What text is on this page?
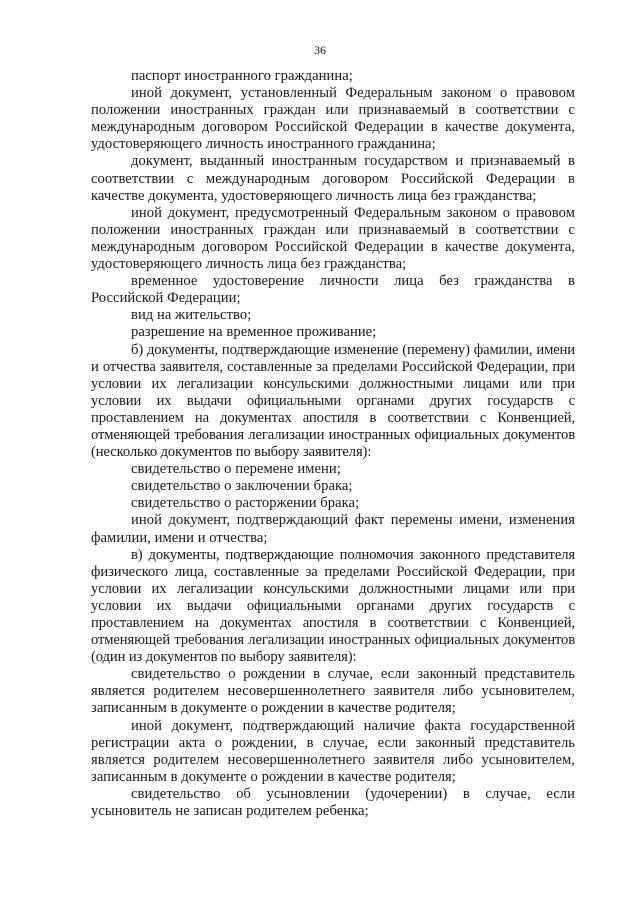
36

паспорт иностранного гражданина;

иной документ, установленный Федеральным законом о правовом положении иностранных граждан или признаваемый в соответствии с международным договором Российской Федерации в качестве документа, удостоверяющего личность иностранного гражданина;

документ, выданный иностранным государством и признаваемый в соответствии с международным договором Российской Федерации в качестве документа, удостоверяющего личность лица без гражданства;

иной документ, предусмотренный Федеральным законом о правовом положении иностранных граждан или признаваемый в соответствии с международным договором Российской Федерации в качестве документа, удостоверяющего личность лица без гражданства;

временное удостоверение личности лица без гражданства в Российской Федерации;

вид на жительство;

разрешение на временное проживание;

б) документы, подтверждающие изменение (перемену) фамилии, имени и отчества заявителя, составленные за пределами Российской Федерации, при условии их легализации консульскими должностными лицами или при условии их выдачи официальными органами других государств с проставлением на документах апостиля в соответствии с Конвенцией, отменяющей требования легализации иностранных официальных документов (несколько документов по выбору заявителя):

свидетельство о перемене имени;

свидетельство о заключении брака;

свидетельство о расторжении брака;

иной документ, подтверждающий факт перемены имени, изменения фамилии, имени и отчества;

в) документы, подтверждающие полномочия законного представителя физического лица, составленные за пределами Российской Федерации, при условии их легализации консульскими должностными лицами или при условии их выдачи официальными органами других государств с проставлением на документах апостиля в соответствии с Конвенцией, отменяющей требования легализации иностранных официальных документов (один из документов по выбору заявителя):

свидетельство о рождении в случае, если законный представитель является родителем несовершеннолетнего заявителя либо усыновителем, записанным в документе о рождении в качестве родителя;

иной документ, подтверждающий наличие факта государственной регистрации акта о рождении, в случае, если законный представитель является родителем несовершеннолетнего заявителя либо усыновителем, записанным в документе о рождении в качестве родителя;

свидетельство об усыновлении (удочерении) в случае, если усыновитель не записан родителем ребенка;
